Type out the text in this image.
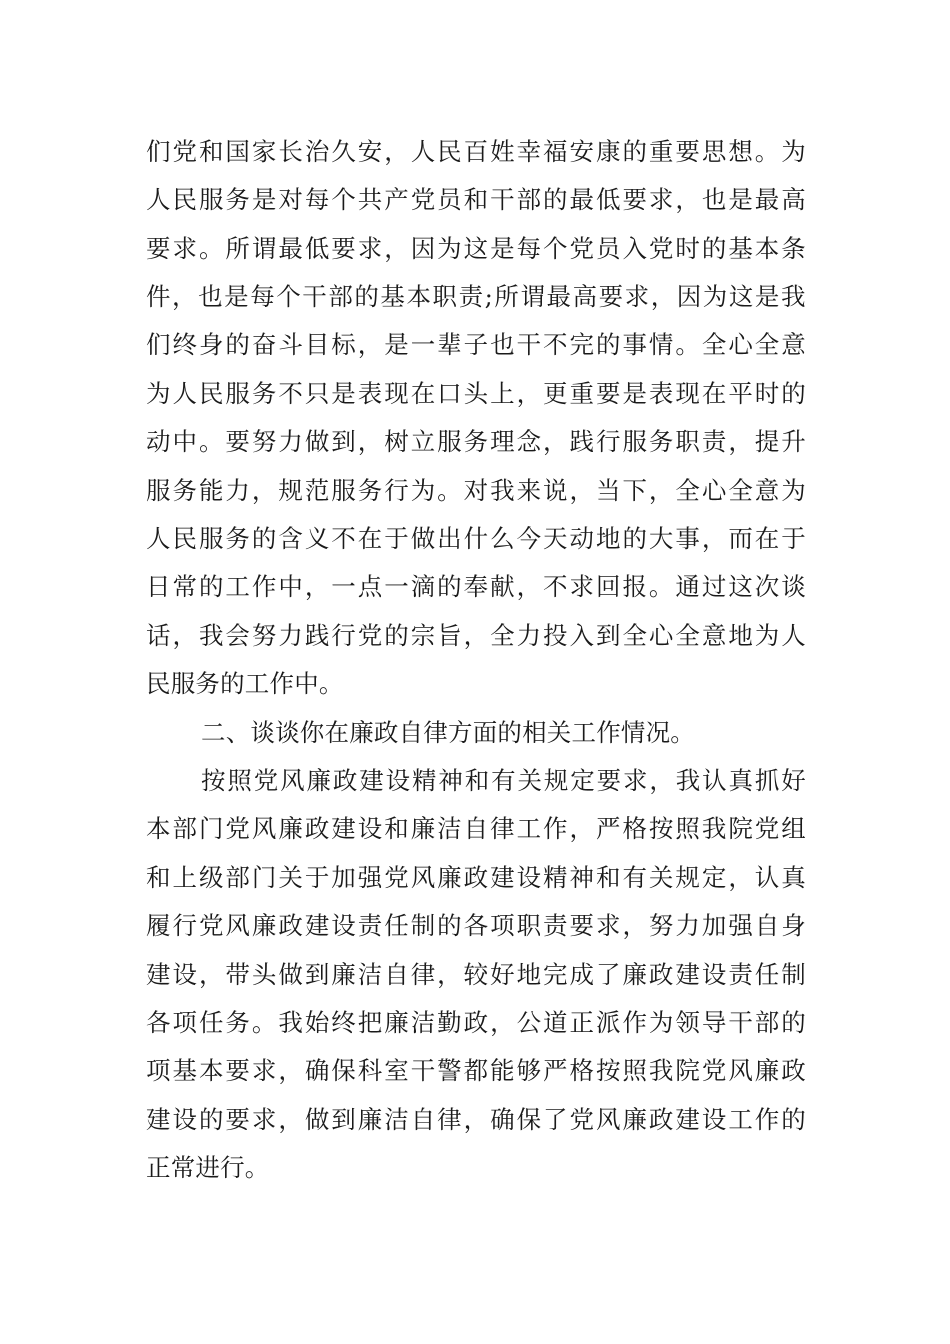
们 党 和 国 家 长 治 久 安 ， 人 民 百 姓 幸 福 安 康 的 重 要 思 想 。 为
人 民 服 务 是 对 每 个 共 产 党 员 和 干 部 的 最 低 要 求 ， 也 是 最 高
要 求 。 所 谓 最 低 要 求 ， 因 为 这 是 每 个 党 员 入 党 时 的 基 本 条
件 ， 也 是 每 个 干 部 的 基 本 职 责 ; 所 谓 最 高 要 求 ， 因 为 这 是 我
们 终 身 的 奋 斗 目 标 ， 是 一 辈 子 也 干 不 完 的 事 情 。 全 心 全 意
为 人 民 服 务 不 只 是 表 现 在 口 头 上 ， 更 重 要 是 表 现 在 平 时 的
动 中 。 要 努 力 做 到 ， 树 立 服 务 理 念 ， 践 行 服 务 职 责 ， 提 升
服 务 能 力 ， 规 范 服 务 行 为 。 对 我 来 说 ， 当 下 ， 全 心 全 意 为
人 民 服 务 的 含 义 不 在 于 做 出 什 么 今 天 动 地 的 大 事 ， 而 在 于
日 常 的 工 作 中 ， 一 点 一 滴 的 奉 献 ， 不 求 回 报 。 通 过 这 次 谈
话 ， 我 会 努 力 践 行 党 的 宗 旨 ， 全 力 投 入 到 全 心 全 意 地 为 人
民服务的工作中。
二、谈谈你在廉政自律方面的相关工作情况。
按 照 党 风 廉 政 建 设 精 神 和 有 关 规 定 要 求 ， 我 认 真 抓 好
本 部 门 党 风 廉 政 建 设 和 廉 洁 自 律 工 作 ， 严 格 按 照 我 院 党 组
和 上 级 部 门 关 于 加 强 党 风 廉 政 建 设 精 神 和 有 关 规 定 ， 认 真
履 行 党 风 廉 政 建 设 责 任 制 的 各 项 职 责 要 求 ， 努 力 加 强 自 身
建 设 ， 带 头 做 到 廉 洁 自 律 ， 较 好 地 完 成 了 廉 政 建 设 责 任 制
各 项 任 务 。 我 始 终 把 廉 洁 勤 政 ， 公 道 正 派 作 为 领 导 干 部 的
项 基 本 要 求 ， 确 保 科 室 干 警 都 能 够 严 格 按 照 我 院 党 风 廉 政
建 设 的 要 求 ， 做 到 廉 洁 自 律 ， 确 保 了 党 风 廉 政 建 设 工 作 的
正常进行。
